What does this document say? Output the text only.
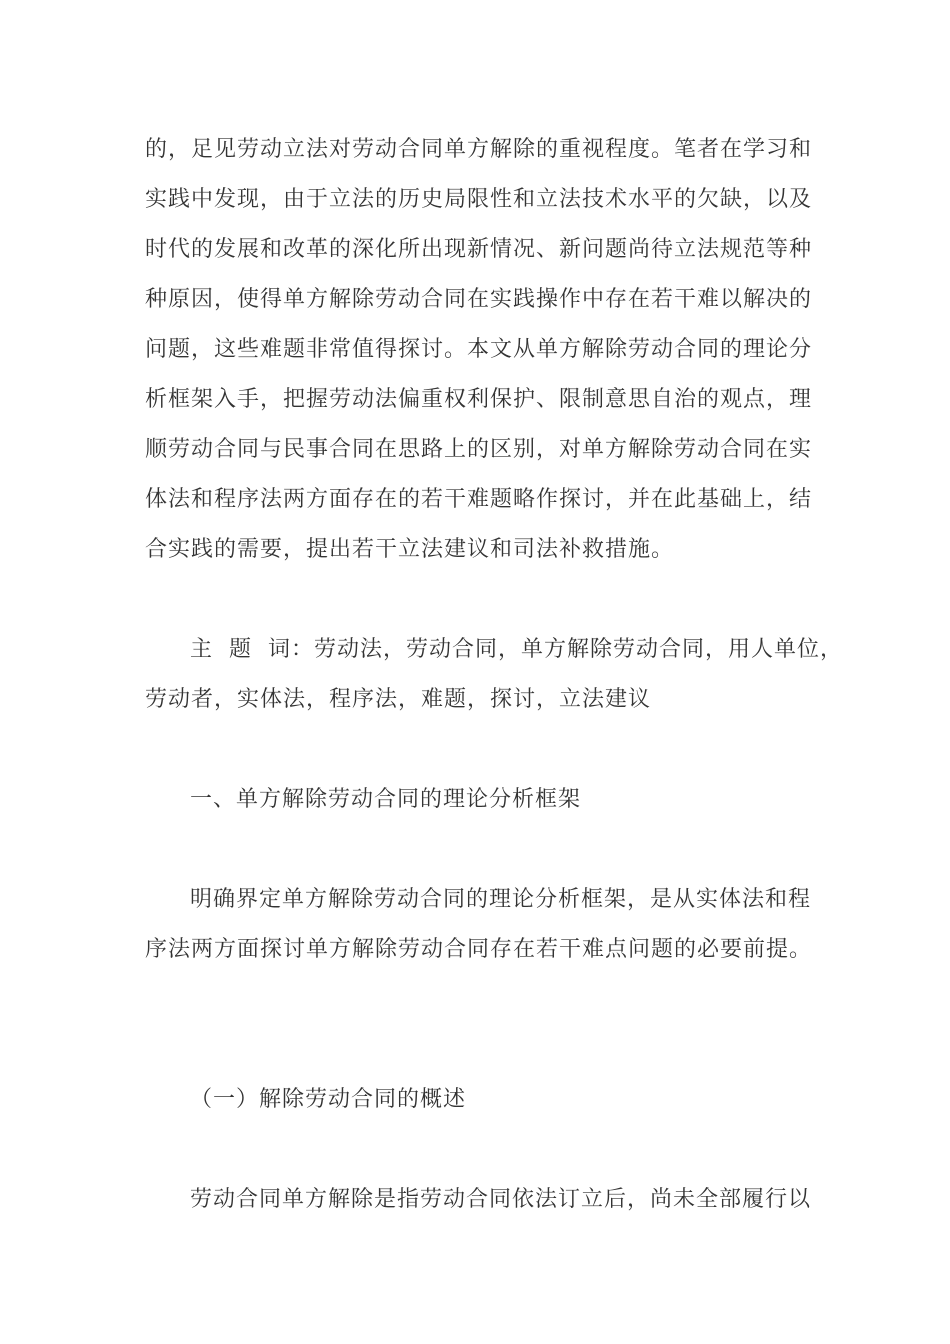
的，足见劳动立法对劳动合同单方解除的重视程度。笔者在学习和
实践中发现，由于立法的历史局限性和立法技术水平的欠缺，以及
时代的发展和改革的深化所出现新情况、新问题尚待立法规范等种
种原因，使得单方解除劳动合同在实践操作中存在若干难以解决的
问题，这些难题非常值得探讨。本文从单方解除劳动合同的理论分
析框架入手，把握劳动法偏重权利保护、限制意思自治的观点，理
顺劳动合同与民事合同在思路上的区别，对单方解除劳动合同在实
体法和程序法两方面存在的若干难题略作探讨，并在此基础上，结
合实践的需要，提出若干立法建议和司法补救措施。
主  题  词：劳动法，劳动合同，单方解除劳动合同，用人单位，
劳动者，实体法，程序法，难题，探讨，立法建议
一、单方解除劳动合同的理论分析框架
明确界定单方解除劳动合同的理论分析框架，是从实体法和程
序法两方面探讨单方解除劳动合同存在若干难点问题的必要前提。
（一）解除劳动合同的概述
劳动合同单方解除是指劳动合同依法订立后，尚未全部履行以
